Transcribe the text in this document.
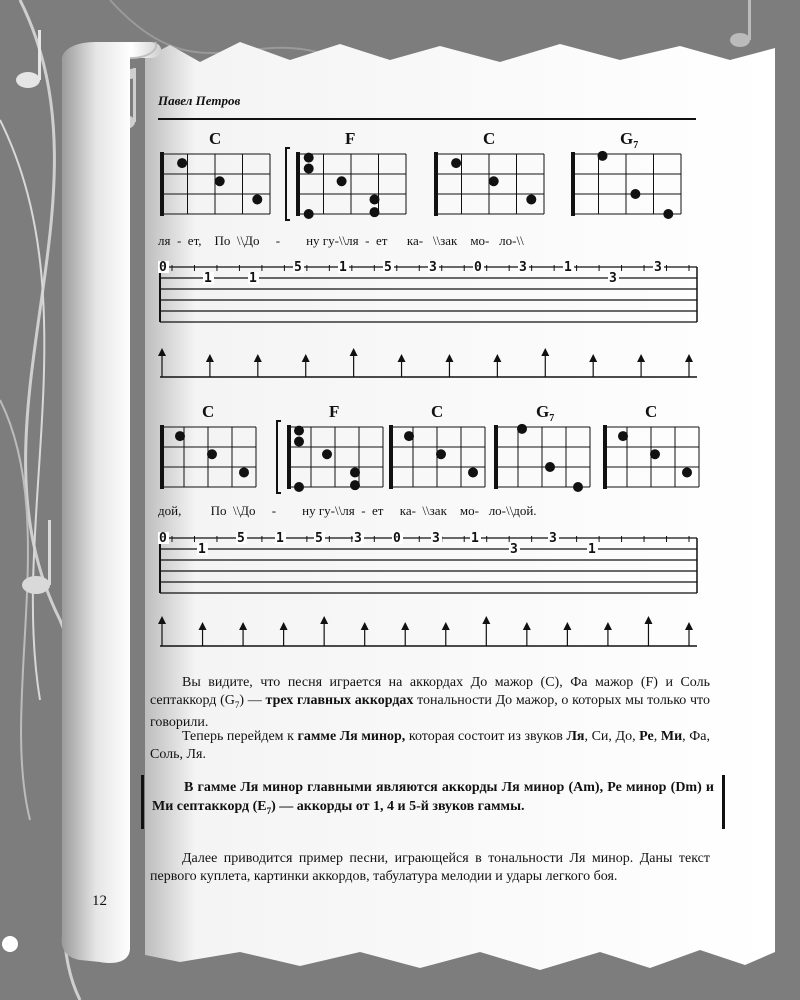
Павел Петров
C	F	C	$G_7$
0
1	1
5	1	5	3	0	3	1
3
3
C	F	C	$G_7$	C
0
1
5 1 5 3 0 3 1
3
3
1
ля  -  ет,    По  \\До     -        ну гу-\\ля  -  ет      ка-   \\зак    мо-   ло-\\
дой,         По  \\До     -        ну гу-\\ля  -  ет     ка-  \\зак    мо-   ло-\\дой.

Вы видите, что песня играется на аккордах До мажор (C), Фа мажор (F) и Соль септаккорд $(G_7)$ — трех главных аккордах тональности До мажор, о которых мы только что говорили.

Теперь перейдем к гамме Ля минор, которая состоит из звуков Ля, Си, До, Ре, Ми, Фа, Соль, Ля.

В гамме Ля минор главными являются аккорды Ля минор (Am), Ре минор (Dm) и Ми септаккорд $(E_7)$ — аккорды от 1, 4 и 5-й звуков гаммы.

Далее приводится пример песни, играющейся в тональности Ля минор. Даны текст первого куплета, картинки аккордов, табулатура мелодии и удары легкого боя.

12
